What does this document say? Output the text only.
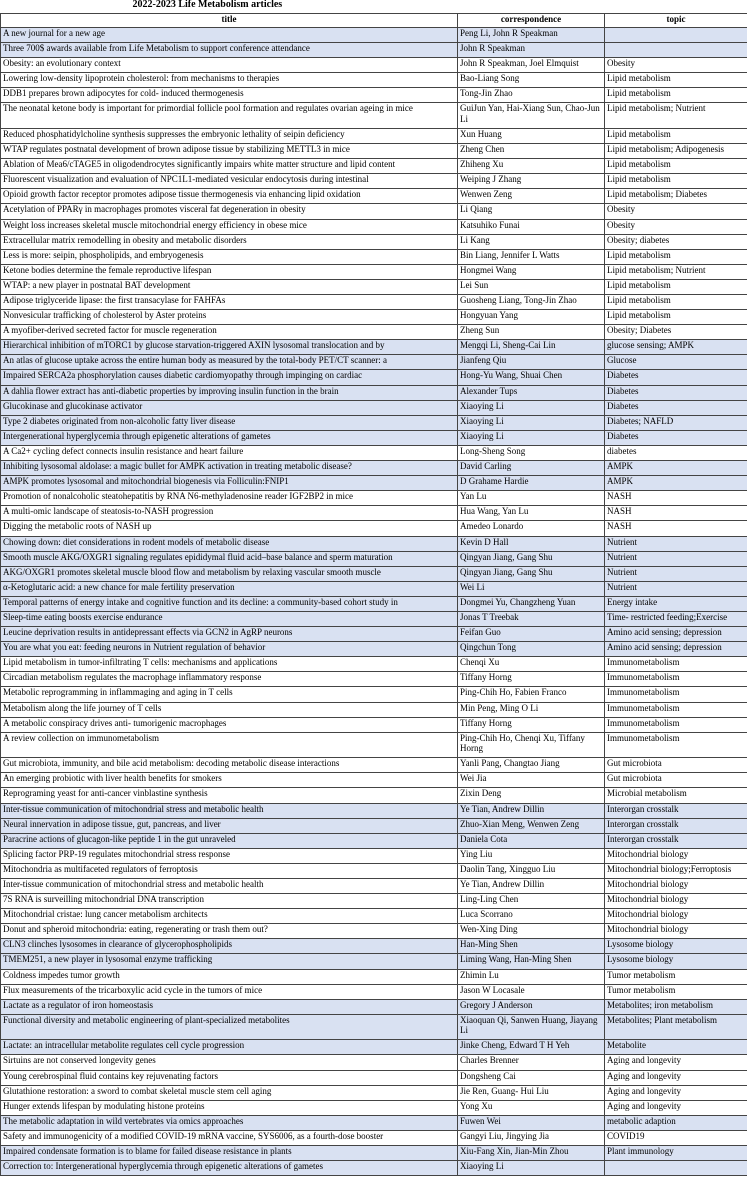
2022-2023 Life Metabolism articles		
title	correspondence	topic
A new journal for a new age	Peng Li, John R Speakman	
Three 700$ awards available from Life Metabolism to support conference attendance	John R Speakman	
Obesity: an evolutionary context	John R Speakman, Joel Elmquist	Obesity
Lowering low-density lipoprotein cholesterol: from mechanisms to therapies	Bao-Liang Song	Lipid metabolism
DDB1 prepares brown adipocytes for cold- induced thermogenesis	Tong-Jin Zhao	Lipid metabolism
The neonatal ketone body is important for primordial follicle pool formation and regulates ovarian ageing in mice	GuiJun Yan, Hai-Xiang Sun, Chao-Jun Li	Lipid metabolism; Nutrient
Reduced phosphatidylcholine synthesis suppresses the embryonic lethality of seipin deficiency	Xun Huang	Lipid metabolism
WTAP regulates postnatal development of brown adipose tissue by stabilizing METTL3 in mice	Zheng Chen	Lipid metabolism; Adipogenesis
Ablation of Mea6/cTAGE5 in oligodendrocytes significantly impairs white matter structure and lipid content	Zhiheng Xu	Lipid metabolism
Fluorescent visualization and evaluation of NPC1L1-mediated vesicular endocytosis during intestinal	Weiping J Zhang	Lipid metabolism
Opioid growth factor receptor promotes adipose tissue thermogenesis via enhancing lipid oxidation	Wenwen Zeng	Lipid metabolism; Diabetes
Acetylation of PPARγ in macrophages promotes visceral fat degeneration in obesity	Li Qiang	Obesity
Weight loss increases skeletal muscle mitochondrial energy efficiency in obese mice	Katsuhiko Funai	Obesity
Extracellular matrix remodelling in obesity and metabolic disorders	Li Kang	Obesity; diabetes
Less is more: seipin, phospholipids, and embryogenesis	Bin Liang, Jennifer L Watts	Lipid metabolism
Ketone bodies determine the female reproductive lifespan	Hongmei Wang	Lipid metabolism; Nutrient
WTAP: a new player in postnatal BAT development	Lei Sun	Lipid metabolism
Adipose triglyceride lipase: the first transacylase for FAHFAs	Guosheng Liang, Tong-Jin Zhao	Lipid metabolism
Nonvesicular trafficking of cholesterol by Aster proteins	Hongyuan Yang	Lipid metabolism
A myofiber-derived secreted factor for muscle regeneration	Zheng Sun	Obesity; Diabetes
Hierarchical inhibition of mTORC1 by glucose starvation-triggered AXIN lysosomal translocation and by	Mengqi Li, Sheng-Cai Lin	glucose sensing; AMPK
An atlas of glucose uptake across the entire human body as measured by the total-body PET/CT scanner: a	Jianfeng Qiu	Glucose
Impaired SERCA2a phosphorylation causes diabetic cardiomyopathy through impinging on cardiac	Hong-Yu Wang, Shuai Chen	Diabetes
A dahlia flower extract has anti-diabetic properties by improving insulin function in the brain	Alexander Tups	Diabetes
Glucokinase and glucokinase activator	Xiaoying Li	Diabetes
Type 2 diabetes originated from non-alcoholic fatty liver disease	Xiaoying Li	Diabetes; NAFLD
Intergenerational hyperglycemia through epigenetic alterations of gametes	Xiaoying Li	Diabetes
A Ca2+ cycling defect connects insulin resistance and heart failure	Long-Sheng Song	diabetes
Inhibiting lysosomal aldolase: a magic bullet for AMPK activation in treating metabolic disease?	David Carling	AMPK
AMPK promotes lysosomal and mitochondrial biogenesis via Folliculin:FNIP1	D Grahame Hardie	AMPK
Promotion of nonalcoholic steatohepatitis by RNA N6-methyladenosine reader IGF2BP2 in mice	Yan Lu	NASH
A multi-omic landscape of steatosis-to-NASH progression	Hua Wang, Yan Lu	NASH
Digging the metabolic roots of NASH up	Amedeo Lonardo	NASH
Chowing down: diet considerations in rodent models of metabolic disease	Kevin D Hall	Nutrient
Smooth muscle AKG/OXGR1 signaling regulates epididymal fluid acid–base balance and sperm maturation	Qingyan Jiang, Gang Shu	Nutrient
AKG/OXGR1 promotes skeletal muscle blood flow and metabolism by relaxing vascular smooth muscle	Qingyan Jiang, Gang Shu	Nutrient
α-Ketoglutaric acid: a new chance for male fertility preservation	Wei Li	Nutrient
Temporal patterns of energy intake and cognitive function and its decline: a community-based cohort study in	Dongmei Yu, Changzheng Yuan	Energy intake
Sleep-time eating boosts exercise endurance	Jonas T Treebak	Time- restricted feeding;Exercise
Leucine deprivation results in antidepressant effects via GCN2 in AgRP neurons	Feifan Guo	Amino acid sensing; depression
You are what you eat: feeding neurons in Nutrient regulation of behavior	Qingchun Tong	Amino acid sensing; depression
Lipid metabolism in tumor-infiltrating T cells: mechanisms and applications	Chenqi Xu	Immunometabolism
Circadian metabolism regulates the macrophage inflammatory response	Tiffany Horng	Immunometabolism
Metabolic reprogramming in inflammaging and aging in T cells	Ping-Chih Ho, Fabien Franco	Immunometabolism
Metabolism along the life journey of T cells	Min Peng, Ming O Li	Immunometabolism
A metabolic conspiracy drives anti- tumorigenic macrophages	Tiffany Horng	Immunometabolism
A review collection on immunometabolism	Ping-Chih Ho, Chenqi Xu, Tiffany Horng	Immunometabolism
Gut microbiota, immunity, and bile acid metabolism: decoding metabolic disease interactions	Yanli Pang, Changtao Jiang	Gut microbiota
An emerging probiotic with liver health benefits for smokers	Wei Jia	Gut microbiota
Reprograming yeast for anti-cancer vinblastine synthesis	Zixin Deng	Microbial metabolism
Inter-tissue communication of mitochondrial stress and metabolic health	Ye Tian, Andrew Dillin	Interorgan crosstalk
Neural innervation in adipose tissue, gut, pancreas, and liver	Zhuo-Xian Meng, Wenwen Zeng	Interorgan crosstalk
Paracrine actions of glucagon-like peptide 1 in the gut unraveled	Daniela Cota	Interorgan crosstalk
Splicing factor PRP-19 regulates mitochondrial stress response	Ying Liu	Mitochondrial biology
Mitochondria as multifaceted regulators of ferroptosis	Daolin Tang, Xingguo Liu	Mitochondrial biology;Ferroptosis
Inter-tissue communication of mitochondrial stress and metabolic health	Ye Tian, Andrew Dillin	Mitochondrial biology
7S RNA is surveilling mitochondrial DNA transcription	Ling-Ling Chen	Mitochondrial biology
Mitochondrial cristae: lung cancer metabolism architects	Luca Scorrano	Mitochondrial biology
Donut and spheroid mitochondria: eating, regenerating or trash them out?	Wen-Xing Ding	Mitochondrial biology
CLN3 clinches lysosomes in clearance of glycerophospholipids	Han-Ming Shen	Lysosome biology
TMEM251, a new player in lysosomal enzyme trafficking	Liming Wang, Han-Ming Shen	Lysosome biology
Coldness impedes tumor growth	Zhimin Lu	Tumor metabolism
Flux measurements of the tricarboxylic acid cycle in the tumors of mice	Jason W Locasale	Tumor metabolism
Lactate as a regulator of iron homeostasis	Gregory J Anderson	Metabolites; iron metabolism
Functional diversity and metabolic engineering of plant-specialized metabolites	Xiaoquan Qi, Sanwen Huang, Jiayang Li	Metabolites; Plant metabolism
Lactate: an intracellular metabolite regulates cell cycle progression	Jinke Cheng, Edward T H Yeh	Metabolite
Sirtuins are not conserved longevity genes	Charles Brenner	Aging and longevity
Young cerebrospinal fluid contains key rejuvenating factors	Dongsheng Cai	Aging and longevity
Glutathione restoration: a sword to combat skeletal muscle stem cell aging	Jie Ren, Guang- Hui Liu	Aging and longevity
Hunger extends lifespan by modulating histone proteins	Yong Xu	Aging and longevity
The metabolic adaptation in wild vertebrates via omics approaches	Fuwen Wei	metabolic adaption
Safety and immunogenicity of a modified COVID-19 mRNA vaccine, SYS6006, as a fourth-dose booster	Gangyi Liu, Jingying Jia	COVID19
Impaired condensate formation is to blame for failed disease resistance in plants	Xiu-Fang Xin, Jian-Min Zhou	Plant immunology
Correction to: Intergenerational hyperglycemia through epigenetic alterations of gametes	Xiaoying Li	
